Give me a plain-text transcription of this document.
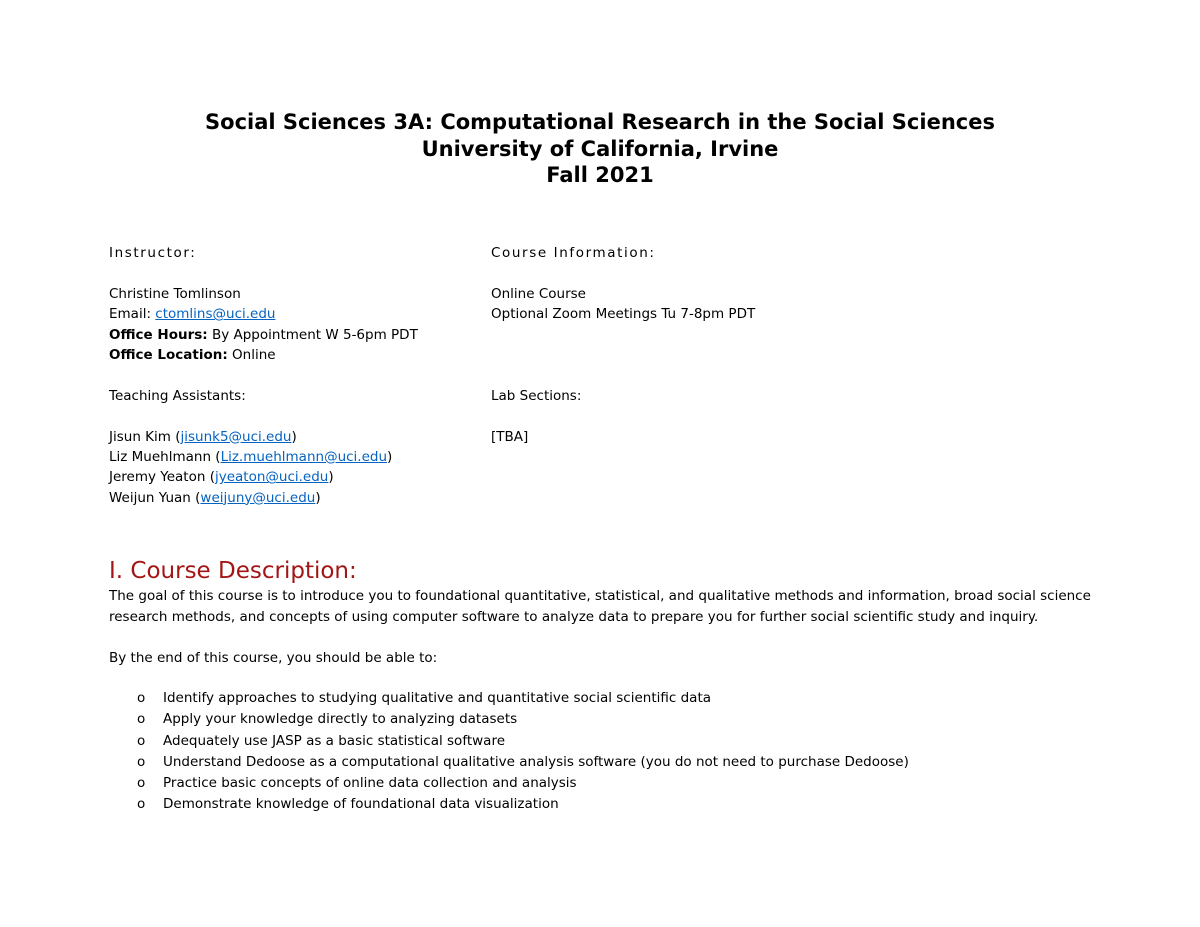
Social Sciences 3A: Computational Research in the Social Sciences
University of California, Irvine
Fall 2021
Instructor:
Christine Tomlinson
Email: ctomlins@uci.edu
Office Hours: By Appointment W 5-6pm PDT
Office Location: Online
Teaching Assistants:
Jisun Kim (jisunk5@uci.edu)
Liz Muehlmann (Liz.muehlmann@uci.edu)
Jeremy Yeaton (jyeaton@uci.edu)
Weijun Yuan (weijuny@uci.edu)
Course Information:
Online Course
Optional Zoom Meetings Tu 7-8pm PDT
Lab Sections:
[TBA]
I. Course Description:
The goal of this course is to introduce you to foundational quantitative, statistical, and qualitative methods and information, broad social science
research methods, and concepts of using computer software to analyze data to prepare you for further social scientific study and inquiry.
By the end of this course, you should be able to:
o Identify approaches to studying qualitative and quantitative social scientific data
o Apply your knowledge directly to analyzing datasets
o Adequately use JASP as a basic statistical software
o Understand Dedoose as a computational qualitative analysis software (you do not need to purchase Dedoose)
o Practice basic concepts of online data collection and analysis
o Demonstrate knowledge of foundational data visualization
